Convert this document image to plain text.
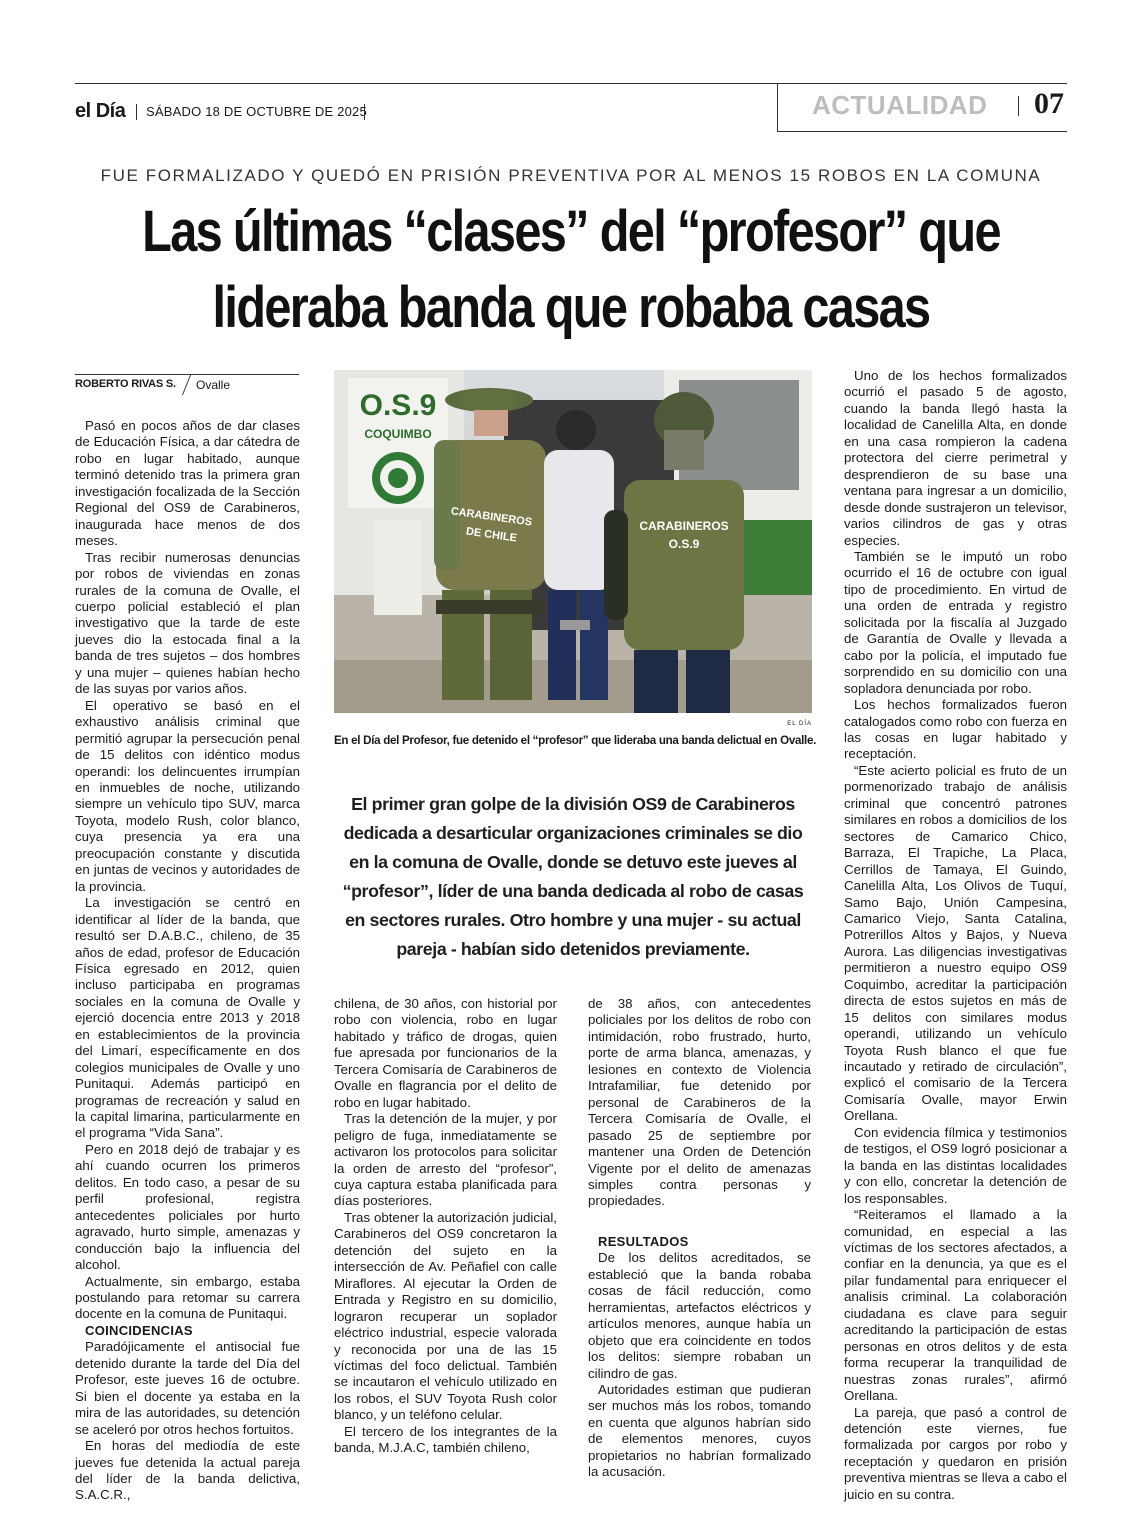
el Día SÁBADO 18 DE OCTUBRE DE 2025	ACTUALIDAD 07
FUE FORMALIZADO Y QUEDÓ EN PRISIÓN PREVENTIVA POR AL MENOS 15 ROBOS EN LA COMUNA
Las últimas “clases” del “profesor” que
lideraba banda que robaba casas
ROBERTO RIVAS S. Ovalle

Pasó en pocos años de dar clases de Educación Física, a dar cátedra de robo en lugar habitado, aunque terminó detenido tras la primera gran investigación focalizada de la Sección Regional del OS9 de Carabineros, inaugurada hace menos de dos meses.

Tras recibir numerosas denuncias por robos de viviendas en zonas rurales de la comuna de Ovalle, el cuerpo policial estableció el plan investigativo que la tarde de este jueves dio la estocada final a la banda de tres sujetos – dos hombres y una mujer – quienes habían hecho de las suyas por varios años.

El operativo se basó en el exhaustivo análisis criminal que permitió agrupar la persecución penal de 15 delitos con idéntico modus operandi: los delincuentes irrumpían en inmuebles de noche, utilizando siempre un vehículo tipo SUV, marca Toyota, modelo Rush, color blanco, cuya presencia ya era una preocupación constante y discutida en juntas de vecinos y autoridades de la provincia.

La investigación se centró en identificar al líder de la banda, que resultó ser D.A.B.C., chileno, de 35 años de edad, profesor de Educación Física egresado en 2012, quien incluso participaba en programas sociales en la comuna de Ovalle y ejerció docencia entre 2013 y 2018 en establecimientos de la provincia del Limarí, específicamente en dos colegios municipales de Ovalle y uno Punitaqui. Además participó en programas de recreación y salud en la capital limarina, particularmente en el programa “Vida Sana”.

Pero en 2018 dejó de trabajar y es ahí cuando ocurren los primeros delitos. En todo caso, a pesar de su perfil profesional, registra antecedentes policiales por hurto agravado, hurto simple, amenazas y conducción bajo la influencia del alcohol.

Actualmente, sin embargo, estaba postulando para retomar su carrera docente en la comuna de Punitaqui.

COINCIDENCIAS

Paradójicamente el antisocial fue detenido durante la tarde del Día del Profesor, este jueves 16 de octubre. Si bien el docente ya estaba en la mira de las autoridades, su detención se aceleró por otros hechos fortuitos.

En horas del mediodía de este jueves fue detenida la actual pareja del líder de la banda delictiva, S.A.C.R.,

O.S.9
COQUIMBO
CARABINEROS
DE CHILE	CARABINEROS
O.S.9
EL DÍA
En el Día del Profesor, fue detenido el “profesor” que lideraba una banda delictual en Ovalle.
El primer gran golpe de la división OS9 de Carabineros dedicada a desarticular organizaciones criminales se dio en la comuna de Ovalle, donde se detuvo este jueves al “profesor”, líder de una banda dedicada al robo de casas en sectores rurales. Otro hombre y una mujer - su actual pareja - habían sido detenidos previamente.

chilena, de 30 años, con historial por robo con violencia, robo en lugar habitado y tráfico de drogas, quien fue apresada por funcionarios de la Tercera Comisaría de Carabineros de Ovalle en flagrancia por el delito de robo en lugar habitado.

Tras la detención de la mujer, y por peligro de fuga, inmediatamente se activaron los protocolos para solicitar la orden de arresto del “profesor”, cuya captura estaba planificada para días posteriores.

Tras obtener la autorización judicial, Carabineros del OS9 concretaron la detención del sujeto en la intersección de Av. Peñafiel con calle Miraflores. Al ejecutar la Orden de Entrada y Registro en su domicilio, lograron recuperar un soplador eléctrico industrial, especie valorada y reconocida por una de las 15 víctimas del foco delictual. También se incautaron el vehículo utilizado en los robos, el SUV Toyota Rush color blanco, y un teléfono celular.

El tercero de los integrantes de la banda, M.J.A.C, también chileno,

de 38 años, con antecedentes policiales por los delitos de robo con intimidación, robo frustrado, hurto, porte de arma blanca, amenazas, y lesiones en contexto de Violencia Intrafamiliar, fue detenido por personal de Carabineros de la Tercera Comisaría de Ovalle, el pasado 25 de septiembre por mantener una Orden de Detención Vigente por el delito de amenazas simples contra personas y propiedades.

RESULTADOS

De los delitos acreditados, se estableció que la banda robaba cosas de fácil reducción, como herramientas, artefactos eléctricos y artículos menores, aunque había un objeto que era coincidente en todos los delitos: siempre robaban un cilindro de gas.

Autoridades estiman que pudieran ser muchos más los robos, tomando en cuenta que algunos habrían sido de elementos menores, cuyos propietarios no habrían formalizado la acusación.

Uno de los hechos formalizados ocurrió el pasado 5 de agosto, cuando la banda llegó hasta la localidad de Canelilla Alta, en donde en una casa rompieron la cadena protectora del cierre perimetral y desprendieron de su base una ventana para ingresar a un domicilio, desde donde sustrajeron un televisor, varios cilindros de gas y otras especies.

También se le imputó un robo ocurrido el 16 de octubre con igual tipo de procedimiento. En virtud de una orden de entrada y registro solicitada por la fiscalía al Juzgado de Garantía de Ovalle y llevada a cabo por la policía, el imputado fue sorprendido en su domicilio con una sopladora denunciada por robo.

Los hechos formalizados fueron catalogados como robo con fuerza en las cosas en lugar habitado y receptación.

“Este acierto policial es fruto de un pormenorizado trabajo de análisis criminal que concentró patrones similares en robos a domicilios de los sectores de Camarico Chico, Barraza, El Trapiche, La Placa, Cerrillos de Tamaya, El Guindo, Canelilla Alta, Los Olivos de Tuquí, Samo Bajo, Unión Campesina, Camarico Viejo, Santa Catalina, Potrerillos Altos y Bajos, y Nueva Aurora. Las diligencias investigativas permitieron a nuestro equipo OS9 Coquimbo, acreditar la participación directa de estos sujetos en más de 15 delitos con similares modus operandi, utilizando un vehículo Toyota Rush blanco el que fue incautado y retirado de circulación”, explicó el comisario de la Tercera Comisaría Ovalle, mayor Erwin Orellana.

Con evidencia fílmica y testimonios de testigos, el OS9 logró posicionar a la banda en las distintas localidades y con ello, concretar la detención de los responsables.

“Reiteramos el llamado a la comunidad, en especial a las víctimas de los sectores afectados, a confiar en la denuncia, ya que es el pilar fundamental para enriquecer el analisis criminal. La colaboración ciudadana es clave para seguir acreditando la participación de estas personas en otros delitos y de esta forma recuperar la tranquilidad de nuestras zonas rurales”, afirmó Orellana.

La pareja, que pasó a control de detención este viernes, fue formalizada por cargos por robo y receptación y quedaron en prisión preventiva mientras se lleva a cabo el juicio en su contra.
